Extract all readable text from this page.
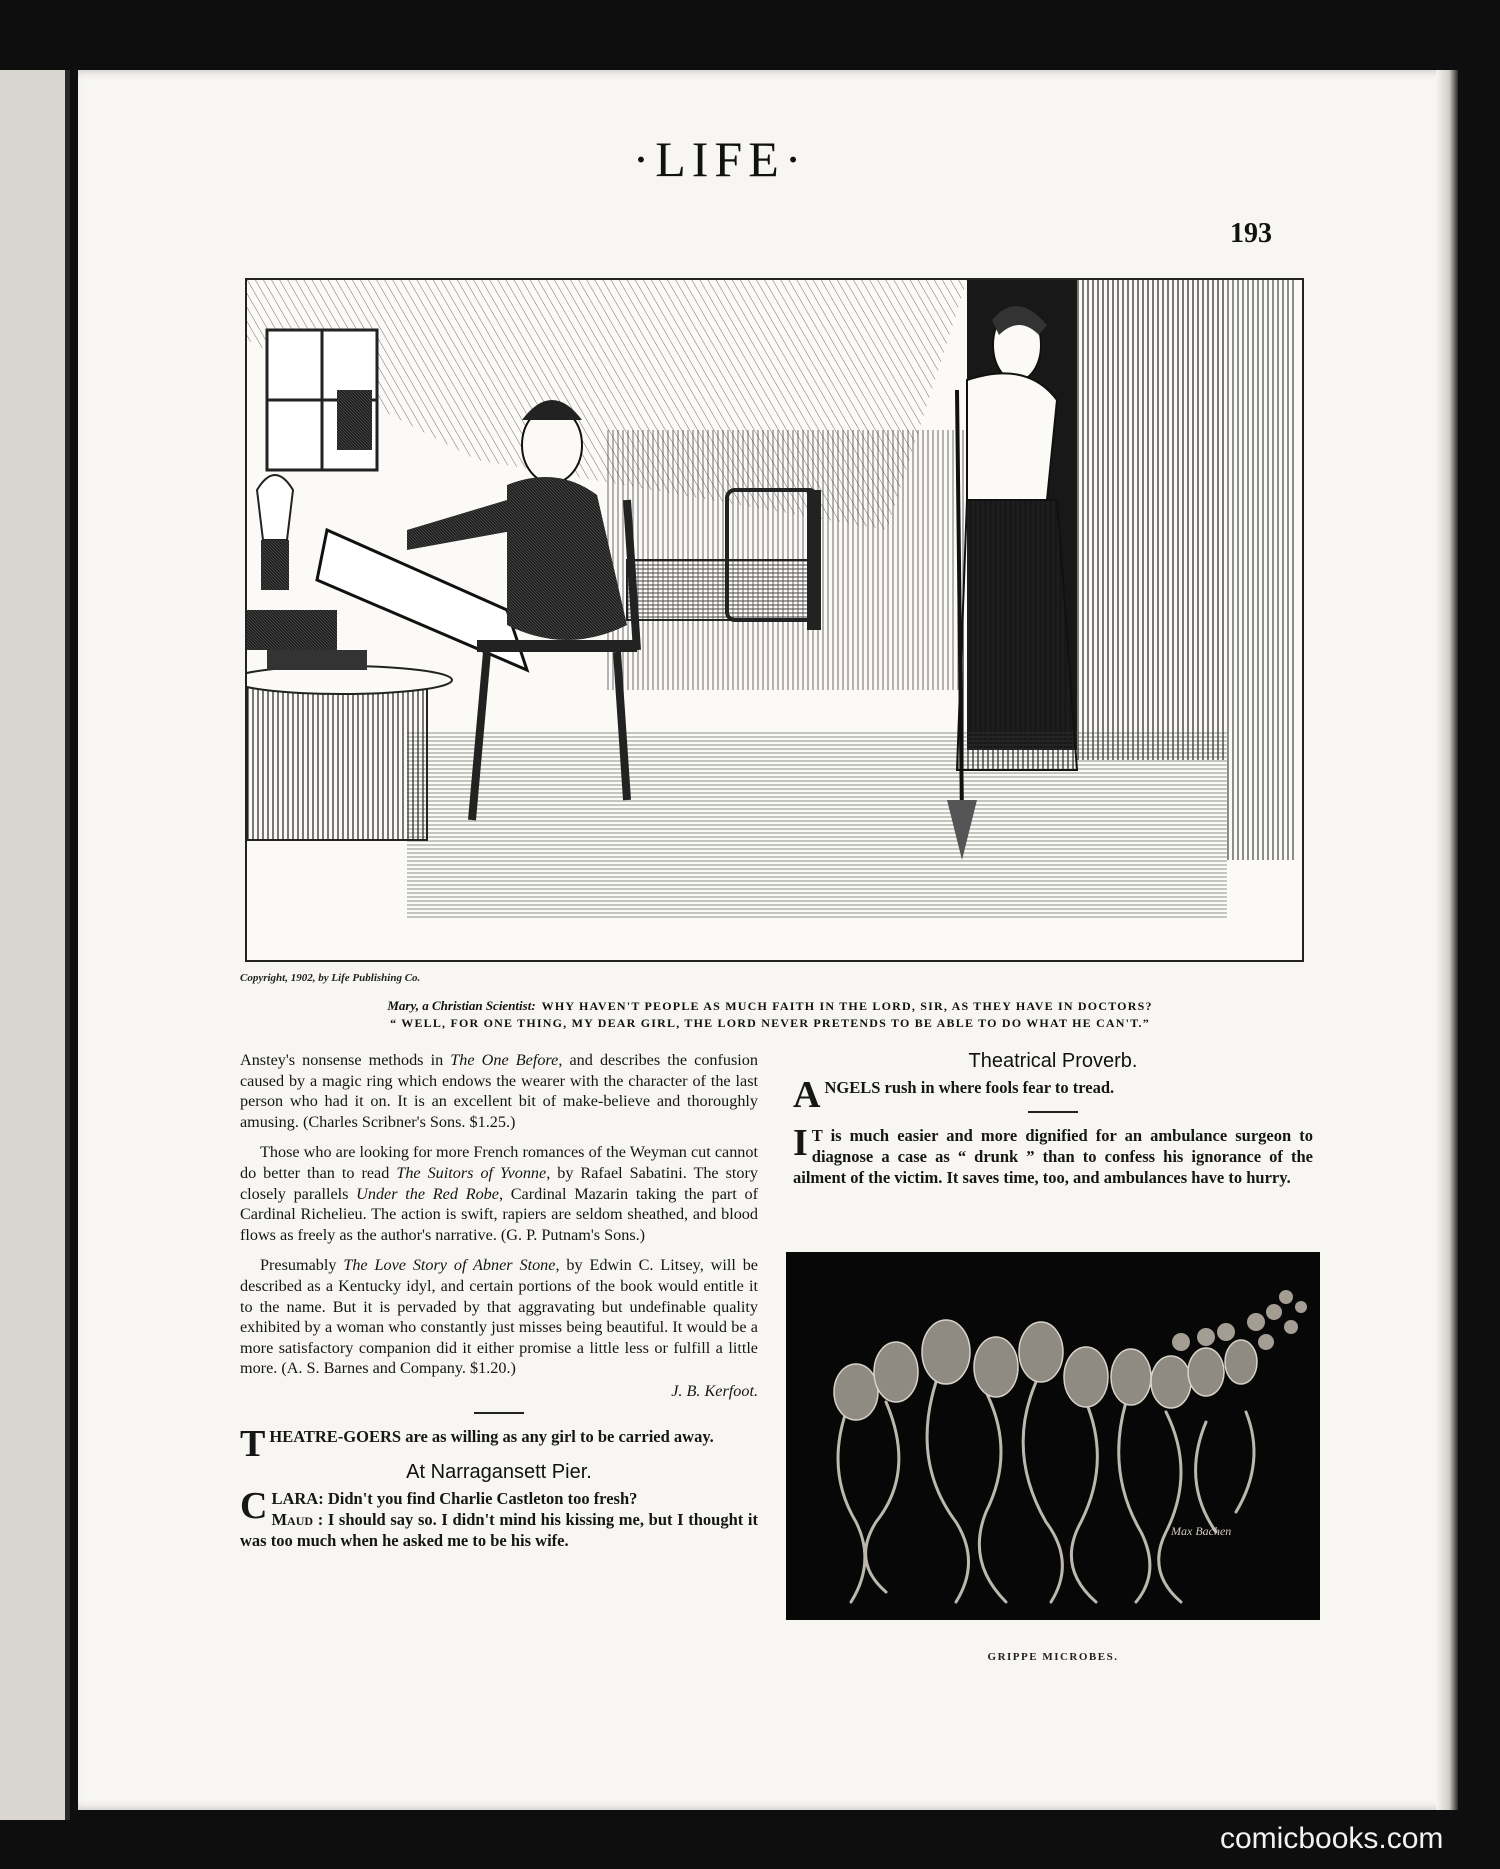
·LIFE·
193
Copyright, 1902, by Life Publishing Co.
Mary, a Christian Scientist: WHY HAVEN'T PEOPLE AS MUCH FAITH IN THE LORD, SIR, AS THEY HAVE IN DOCTORS?
“ WELL, FOR ONE THING, MY DEAR GIRL, THE LORD NEVER PRETENDS TO BE ABLE TO DO WHAT HE CAN'T.”

Anstey's nonsense methods in The One Before, and describes the confusion caused by a magic ring which endows the wearer with the character of the last person who had it on. It is an excellent bit of make-believe and thoroughly amusing. (Charles Scribner's Sons. $1.25.)

Those who are looking for more French romances of the Weyman cut cannot do better than to read The Suitors of Yvonne, by Rafael Sabatini. The story closely parallels Under the Red Robe, Cardinal Mazarin taking the part of Cardinal Richelieu. The action is swift, rapiers are seldom sheathed, and blood flows as freely as the author's narrative. (G. P. Putnam's Sons.)

Presumably The Love Story of Abner Stone, by Edwin C. Litsey, will be described as a Kentucky idyl, and certain portions of the book would entitle it to the name. But it is pervaded by that aggravating but undefinable quality exhibited by a woman who constantly just misses being beautiful. It would be a more satisfactory companion did it either promise a little less or fulfill a little more. (A. S. Barnes and Company. $1.20.)

J. B. Kerfoot.

THEATRE-GOERS are as willing as any girl to be carried away.

At Narragansett Pier.

CLARA: Didn't you find Charlie Castleton too fresh?

Maud : I should say so. I didn't mind his kissing me, but I thought it was too much when he asked me to be his wife.

Theatrical Proverb.

ANGELS rush in where fools fear to tread.

I T is much easier and more dignified for an ambulance surgeon to diagnose a case as “ drunk ” than to confess his ignorance of the ailment of the victim. It saves time, too, and ambulances have to hurry.

Max Bachen
GRIPPE MICROBES.
comicbooks.com
